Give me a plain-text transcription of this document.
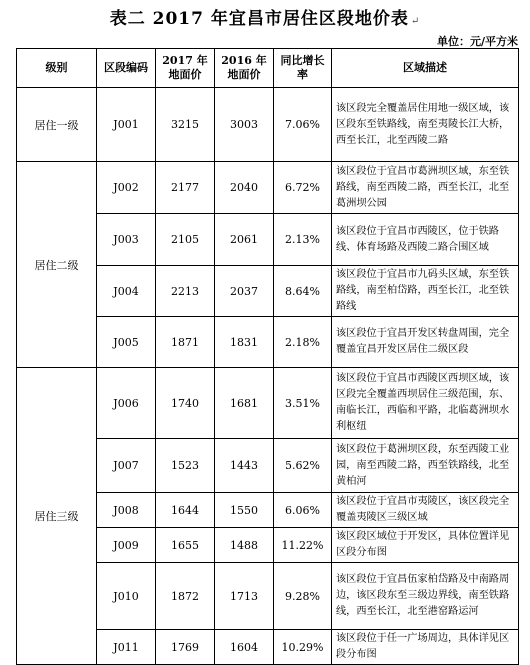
表二 2017 年宜昌市居住区段地价表 ↵
单位：元/平方米
级别	区段编码	2017 年地面价	2016 年地面价	同比增长率	区域描述
居住一级	J001	3215	3003	7.06%	该区段完全覆盖居住用地一级区域，该区段东至铁路线，南至夷陵长江大桥，西至长江，北至西陵二路
居住二级	J002	2177	2040	6.72%	该区段位于宜昌市葛洲坝区域，东至铁路线，南至西陵二路，西至长江，北至葛洲坝公园
	J003	2105	2061	2.13%	该区段位于宜昌市西陵区，位于铁路线、体育场路及西陵二路合围区域
	J004	2213	2037	8.64%	该区段位于宜昌市九码头区域，东至铁路线，南至柏岱路，西至长江，北至铁路线
	J005	1871	1831	2.18%	该区段位于宜昌开发区转盘周围，完全覆盖宜昌开发区居住二级区段
居住三级	J006	1740	1681	3.51%	该区段位于宜昌市西陵区西坝区域，该区段完全覆盖西坝居住三级范围，东、南临长江，西临和平路，北临葛洲坝水利枢纽
	J007	1523	1443	5.62%	该区段位于葛洲坝区段，东至西陵工业园，南至西陵二路，西至铁路线，北至黄柏河
	J008	1644	1550	6.06%	该区段位于宜昌市夷陵区，该区段完全覆盖夷陵区三级区域
	J009	1655	1488	11.22%	该区段区域位于开发区，具体位置详见区段分布图
	J010	1872	1713	9.28%	该区段位于宜昌伍家柏岱路及中南路周边，该区段东至三级边界线，南至铁路线，西至长江，北至港窑路运河
	J011	1769	1604	10.29%	该区段位于任一广场周边，具体详见区段分布图
